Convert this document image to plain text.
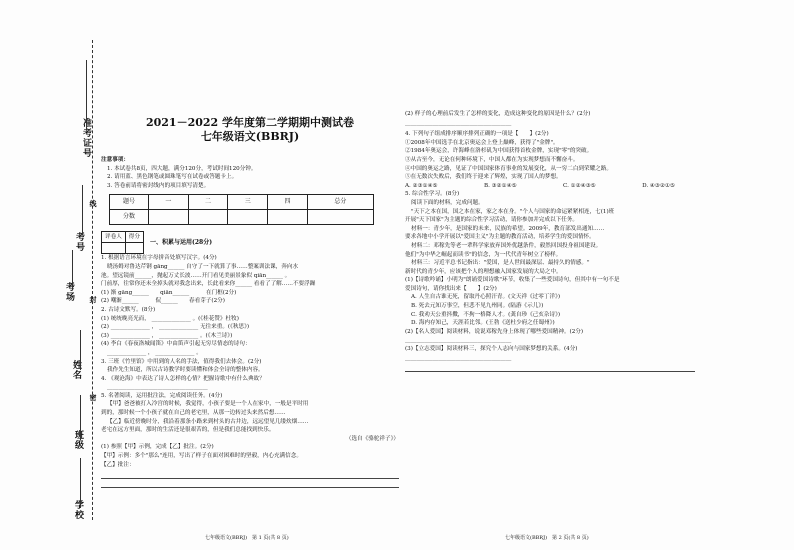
准考证号
考号
考场
姓名
班级
学校
线
封
密
2021－2022 学年度第二学期期中测试卷
七年级语文(BBRJ)
注意事项：
1. 本试卷共8页，四大题，满分120分，考试时间120分钟。
2. 请用蓝、黑色钢笔或圆珠笔写在试卷或答题卡上。
3. 答卷前请将密封线内的项目填写清楚。
题号	一	二	三	四	总分
分数					
评卷人	得分

一、积累与运用(28分)
1. 根据语言环境在字母拼音处填写汉字。(4分)
晓汤姆对鲁达芹钢 gāng______ 自守了一下就算了事……整案训法课，奔向水
池。望远镜前______，抛起万丈长波……开门看见美丽景象似 qiān______ 。
门前厚，往常你还未全掉头就对我念出来，长此看来你______ 看看了了解……不要浮躁
(1) 渐 gāng______　　qiān______　　　在门框(2分)
(2) 嘲渐______　　　侃______　　春看芽子(2分)
2. 古诗文默写。(8分)
(1) 统统晚亮光而， ______________ 。(《桂花赞》杜牧)
(2) ______________ ， ______________ 无往来重。(《秋思》)
(3) ______________ ， ______________ 。(《木兰诗》)
(4) 李白《春夜洛城闻笛》中由笛声引起无穷尽情态的诗句：
______________ ， ______________ 。
3. 三班《竹里馆》中用到的人名的手法，值得我们去体会。(2分)
我作先生知道，所以古诗教学时要读懂和体会全诗的整体内容。
4. 《观沧海》中表达了诗人怎样的心情？把握诗歌中有什么典故？
____________________________________
5. 名著阅读，运用批注法，完成阅读任务。(4分)
【甲】爸爸被打入冷宫的时候，我觉得，小孩子要是一个人在家中，一般是平时用
到的，那时候一个小孩子就在自己的老宅里，从那一边转过头来然后想……
【乙】临近傍晚时分，我沿着那条小路来到村头的古井边，远远望见几缕炊烟……
老宅在远方里面，那时的生活还是很艰苦的，但是我们总能找到快乐。
（选自《骆驼祥子》）
(1) 参照【甲】示例，完成【乙】批注。(2分)
【甲】示例：多个"那么"连用，写出了样子在面对困难时的坚毅，内心充满信念。
【乙】批注：
(2) 样子的心理前后发生了怎样的变化，造成这种变化的原因是什么？(2分)
______________________________________
4. 下列句子组成排序顺序排列正确的一项是【　　】(2分)
①2008年中国选手在北京奥运会上登上巅峰，获得了"金牌"。
②1984年奥运会，许海峰在洛杉矶为中国获得首枚金牌，实现"零"的突破。
③从古至今，无论在何种环境下，中国人都在为实现梦想而不懈奋斗。
④中国的奥运之路，见证了中国国家体育事业的发展变化，从一穷二白到荣耀之路。
⑤在无数次失败后，我们终于迎来了辉煌，实现了国人的梦想。
A. ②③①④⑤	B. ③②①④⑤	C. ①②④③⑤	D. ④③②①⑤
5. 综合性学习。(8分)
阅读下面的材料，完成问题。
"天下之本在国，国之本在家，家之本在身。"个人与国家的命运紧紧相连，七(1)班
开展"天下国家"为主题的综合性学习活动，请你参加并完成以下任务。
材料一：青少年，是国家的未来，民族的希望。2009年，教育部发出通知……
要求各地中小学开展以"爱国主义"为主题的教育活动，培养学生的爱国情怀。
材料二：邓稼先等老一辈科学家放弃国外优越条件，毅然回国投身祖国建设。
他们"为中华之崛起而读书"的信念，为一代代青年树立了榜样。
材料三：习近平总书记指出："爱国，是人世间最深层、最持久的情感。"
新时代的青少年，应该把个人的理想融入国家发展的大局之中。
(1)【诗歌吟诵】小明为"朗诵爱国诗歌"环节，收集了一些爱国诗句，但其中有一句不是
爱国诗句，请你找出来【　　】(2分)
A. 人生自古谁无死，留取丹心照汗青。(文天祥《过零丁洋》)
B. 死去元知万事空，但悲不见九州同。(陆游《示儿》)
C. 我劝天公重抖擞，不拘一格降人才。(龚自珍《己亥杂诗》)
D. 海内存知己，天涯若比邻。(王勃《送杜少府之任蜀州》)
(2)【名人爱国】阅读材料，说说邓稼先身上体现了哪些爱国精神。(2分)
______________________________________
(3)【立志爱国】阅读材料三，探究个人志向与国家梦想的关系。(4分)
______________________________________
七年级语文(BBRJ)　第 1 页(共 8 页)	七年级语文(BBRJ)　第 2 页(共 8 页)
